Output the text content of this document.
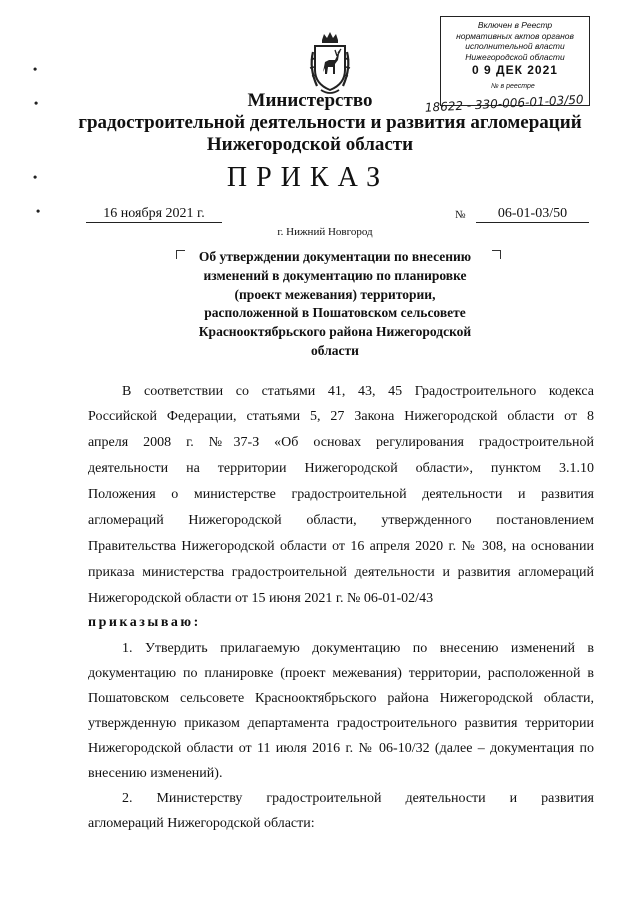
Включен в Реестр
нормативных актов органов
исполнительной власти
Нижегородской области
0 9 ДЕК 2021
№ в реестре
18622 - 330-006-01-03/50
Министерство
градостроительной деятельности и развития агломераций
Нижегородской области
ПРИКАЗ
16 ноября 2021 г.	№	06-01-03/50
г. Нижний Новгород
Об утверждении документации по внесению
изменений в документацию по планировке
(проект межевания) территории,
расположенной в Пошатовском сельсовете
Краснооктябрьского района Нижегородской
области
•
•
•
•
В соответствии со статьями 41, 43, 45 Градостроительного кодекса
Российской Федерации, статьями 5, 27 Закона Нижегородской области от 8
апреля 2008 г. №37-З «Об основах регулирования градостроительной
деятельности на территории Нижегородской области», пунктом 3.1.10
Положения о министерстве градостроительной деятельности и развития
агломераций Нижегородской области, утвержденного постановлением
Правительства Нижегородской области от 16 апреля 2020 г. № 308, на основании
приказа министерства градостроительной деятельности и развития агломераций
Нижегородской области от 15 июня 2021 г. № 06-01-02/43
приказываю:
1. Утвердить прилагаемую документацию по внесению изменений в
документацию по планировке (проект межевания) территории, расположенной в
Пошатовском сельсовете Краснооктябрьского района Нижегородской области,
утвержденную приказом департамента градостроительного развития территории
Нижегородской области от 11 июля 2016 г. № 06-10/32 (далее – документация по
внесению изменений).
2. Министерству градостроительной деятельности и развития
агломераций Нижегородской области:
